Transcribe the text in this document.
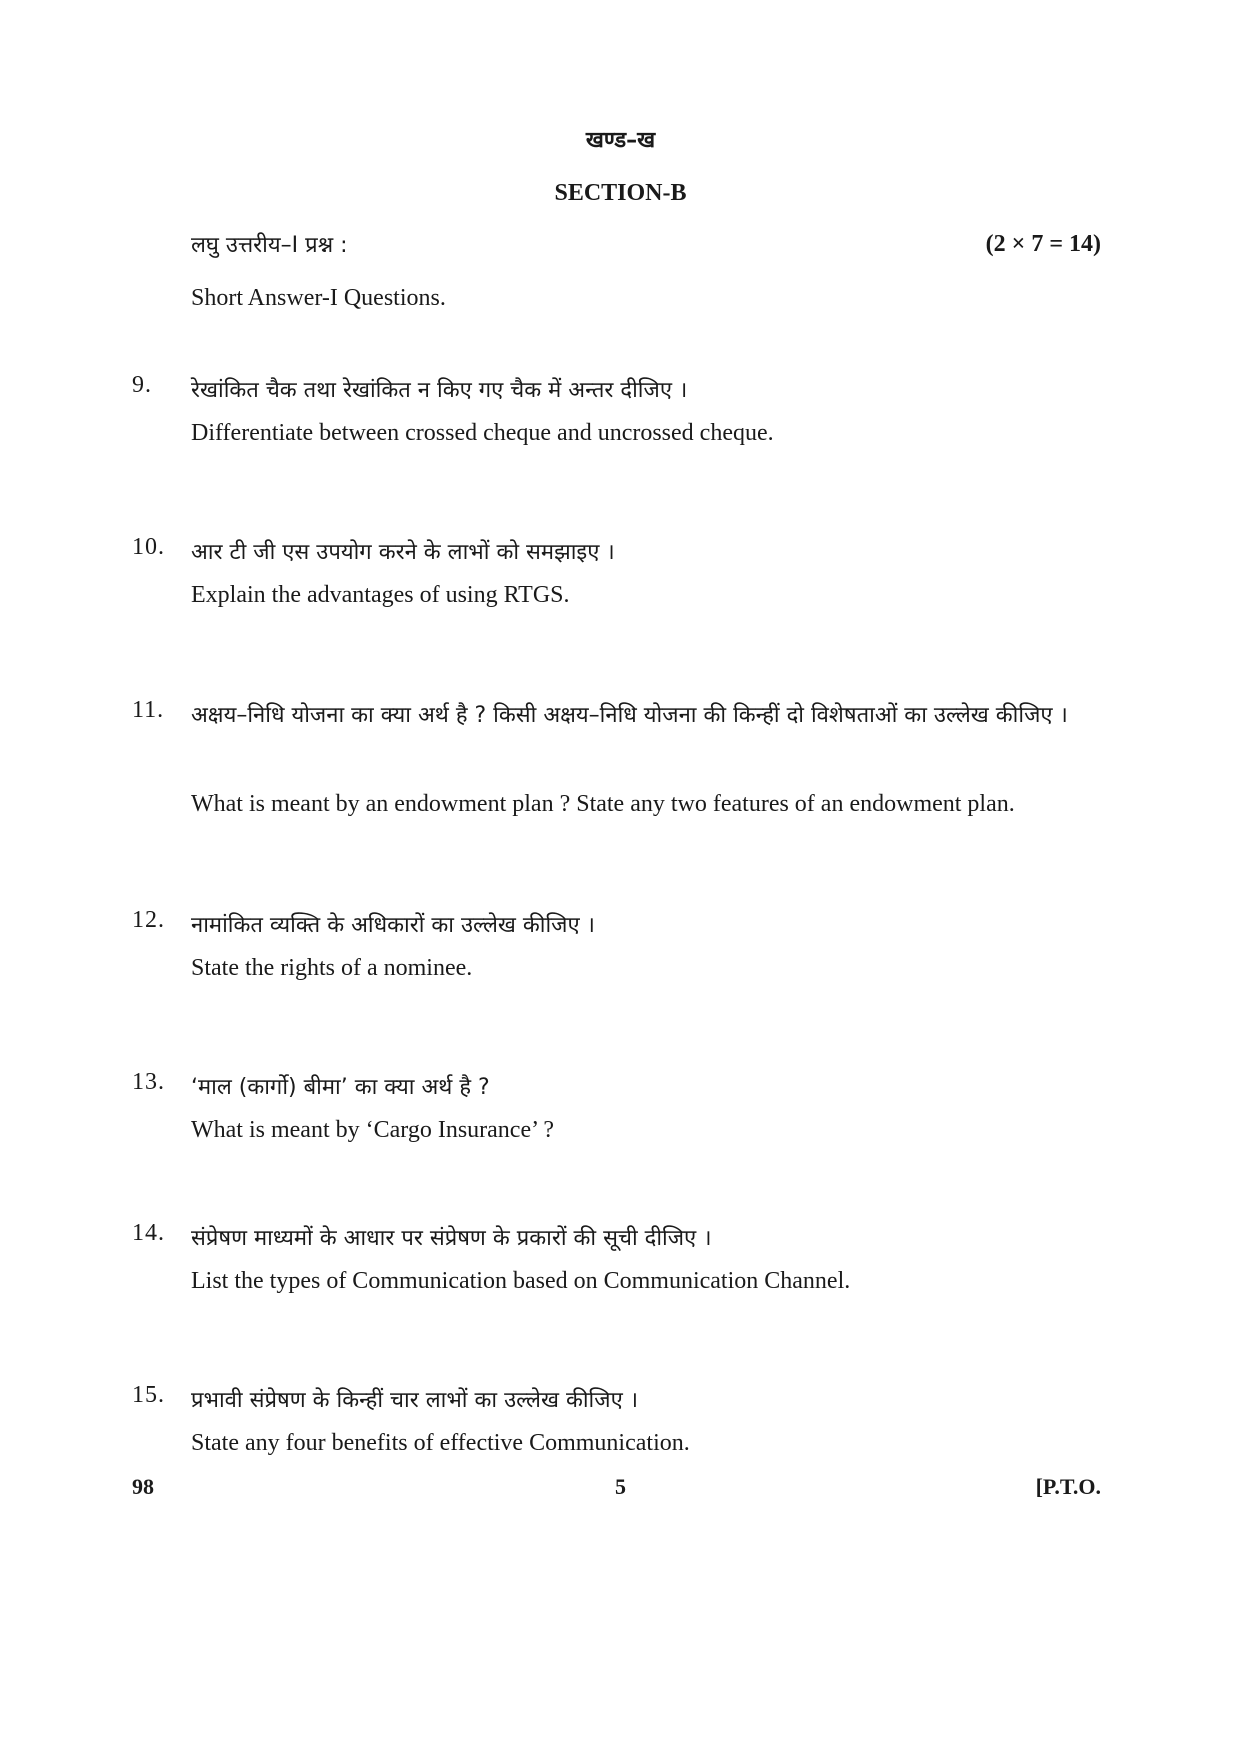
खण्ड–ख
SECTION-B
लघु उत्तरीय–I प्रश्न :	(2 × 7 = 14)
Short Answer-I Questions.
9. रेखांकित चैक तथा रेखांकित न किए गए चैक में अन्तर दीजिए ।
Differentiate between crossed cheque and uncrossed cheque.
10. आर टी जी एस उपयोग करने के लाभों को समझाइए ।
Explain the advantages of using RTGS.
11. अक्षय–निधि योजना का क्या अर्थ है ? किसी अक्षय–निधि योजना की किन्हीं दो विशेषताओं का उल्लेख कीजिए ।
What is meant by an endowment plan ? State any two features of an endowment plan.
12. नामांकित व्यक्ति के अधिकारों का उल्लेख कीजिए ।
State the rights of a nominee.
13. ‘माल (कार्गो) बीमा’ का क्या अर्थ है ?
What is meant by ‘Cargo Insurance’ ?
14. संप्रेषण माध्यमों के आधार पर संप्रेषण के प्रकारों की सूची दीजिए ।
List the types of Communication based on Communication Channel.
15. प्रभावी संप्रेषण के किन्हीं चार लाभों का उल्लेख कीजिए ।
State any four benefits of effective Communication.
98	5	[P.T.O.
